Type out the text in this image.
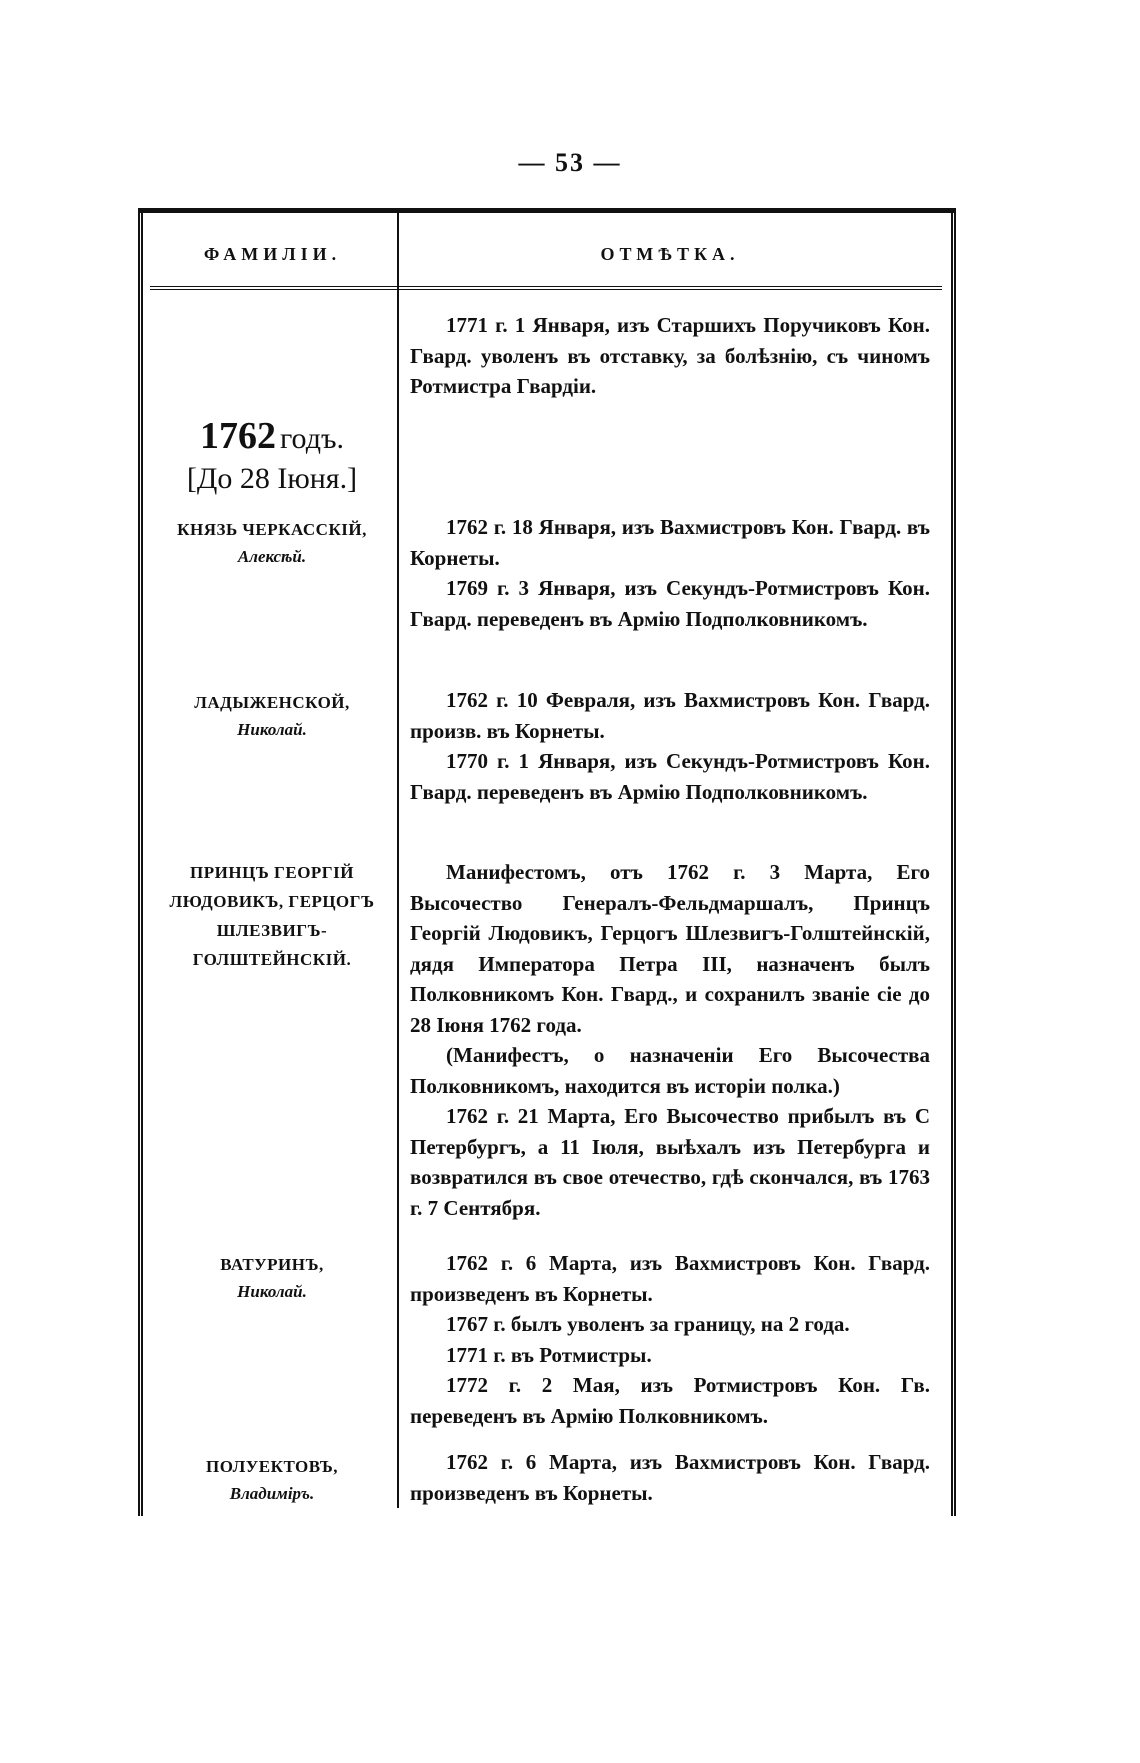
— 53 —
ФАМИЛІИ.	ОТМѢТКА.

1771 г. 1 Января, изъ Старшихъ Поручиковъ Кон. Гвард. уволенъ въ отставку, за болѣзнію, съ чиномъ Ротмистра Гвардіи.

1762 годъ.
[До 28 Іюня.]
КНЯЗЬ ЧЕРКАССКІЙ,
Алексѣй.

1762 г. 18 Января, изъ Вахмистровъ Кон. Гвард. въ Корнеты.

1769 г. 3 Января, изъ Секундъ-Ротмистровъ Кон. Гвард. переведенъ въ Армію Подполковникомъ.

ЛАДЫЖЕНСКОЙ,
Николай.

1762 г. 10 Февраля, изъ Вахмистровъ Кон. Гвард. произв. въ Корнеты.

1770 г. 1 Января, изъ Секундъ-Ротмистровъ Кон. Гвард. переведенъ въ Армію Подполковникомъ.

ПРИНЦЪ ГЕОРГІЙ ЛЮДОВИКЪ, ГЕРЦОГЪ ШЛЕЗВИГЪ-ГОЛШТЕЙНСКІЙ.

Манифестомъ, отъ 1762 г. 3 Марта, Его Высочество Генералъ-Фельдмаршалъ, Принцъ Георгій Людовикъ, Герцогъ Шлезвигъ-Голштейнскій, дядя Императора Петра III, назначенъ былъ Полковникомъ Кон. Гвард., и сохранилъ званіе сіе до 28 Іюня 1762 года.

(Манифестъ, о назначеніи Его Высочества Полковникомъ, находится въ исторіи полка.)

1762 г. 21 Марта, Его Высочество прибылъ въ С Петербургъ, а 11 Іюля, выѣхалъ изъ Петербурга и возвратился въ свое отечество, гдѣ скончался, въ 1763 г. 7 Сентября.

ВАТУРИНЪ,
Николай.

1762 г. 6 Марта, изъ Вахмистровъ Кон. Гвард. произведенъ въ Корнеты.

1767 г. былъ уволенъ за границу, на 2 года.

1771 г. въ Ротмистры.

1772 г. 2 Мая, изъ Ротмистровъ Кон. Гв. переведенъ въ Армію Полковникомъ.

ПОЛУЕКТОВЪ,
Владиміръ.

1762 г. 6 Марта, изъ Вахмистровъ Кон. Гвард. произведенъ въ Корнеты.
